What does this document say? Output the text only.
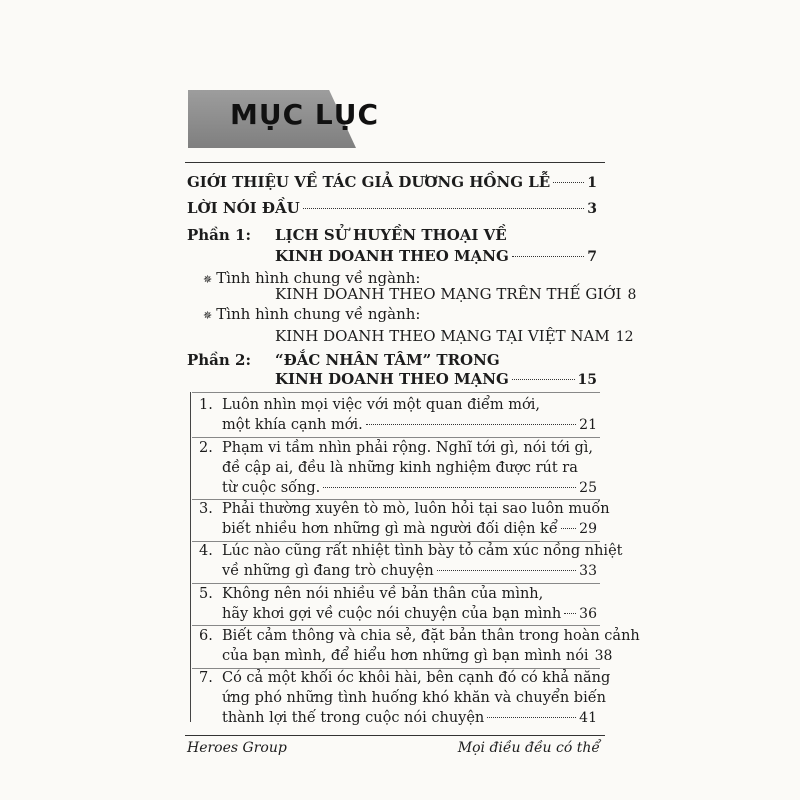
MỤC LỤC
GIỚI THIỆU VỀ TÁC GIẢ DƯƠNG HỒNG LỄ	1
LỜI NÓI ĐẦU	3
Phần 1: LỊCH SỬ HUYỀN THOẠI VỀ
KINH DOANH THEO MẠNG	7
✵ Tình hình chung về ngành:
KINH DOANH THEO MẠNG TRÊN THẾ GIỚI 8
✵ Tình hình chung về ngành:
KINH DOANH THEO MẠNG TẠI VIỆT NAM 12
Phần 2: “ĐẮC NHÂN TÂM” TRONG
KINH DOANH THEO MẠNG	15
1. Luôn nhìn mọi việc với một quan điểm mới,
một khía cạnh mới.	21
2. Phạm vi tầm nhìn phải rộng. Nghĩ tới gì, nói tới gì,
đề cập ai, đều là những kinh nghiệm được rút ra
từ cuộc sống.	25
3. Phải thường xuyên tò mò, luôn hỏi tại sao luôn muốn
biết nhiều hơn những gì mà người đối diện kể 29
4. Lúc nào cũng rất nhiệt tình bày tỏ cảm xúc nồng nhiệt
về những gì đang trò chuyện	33
5. Không nên nói nhiều về bản thân của mình,
hãy khơi gợi về cuộc nói chuyện của bạn mình 36
6. Biết cảm thông và chia sẻ, đặt bản thân trong hoàn cảnh
của bạn mình, để hiểu hơn những gì bạn mình nói 38
7. Có cả một khối óc khôi hài, bên cạnh đó có khả năng
ứng phó những tình huống khó khăn và chuyển biến
thành lợi thế trong cuộc nói chuyện	41
Heroes Group	Mọi điều đều có thể
